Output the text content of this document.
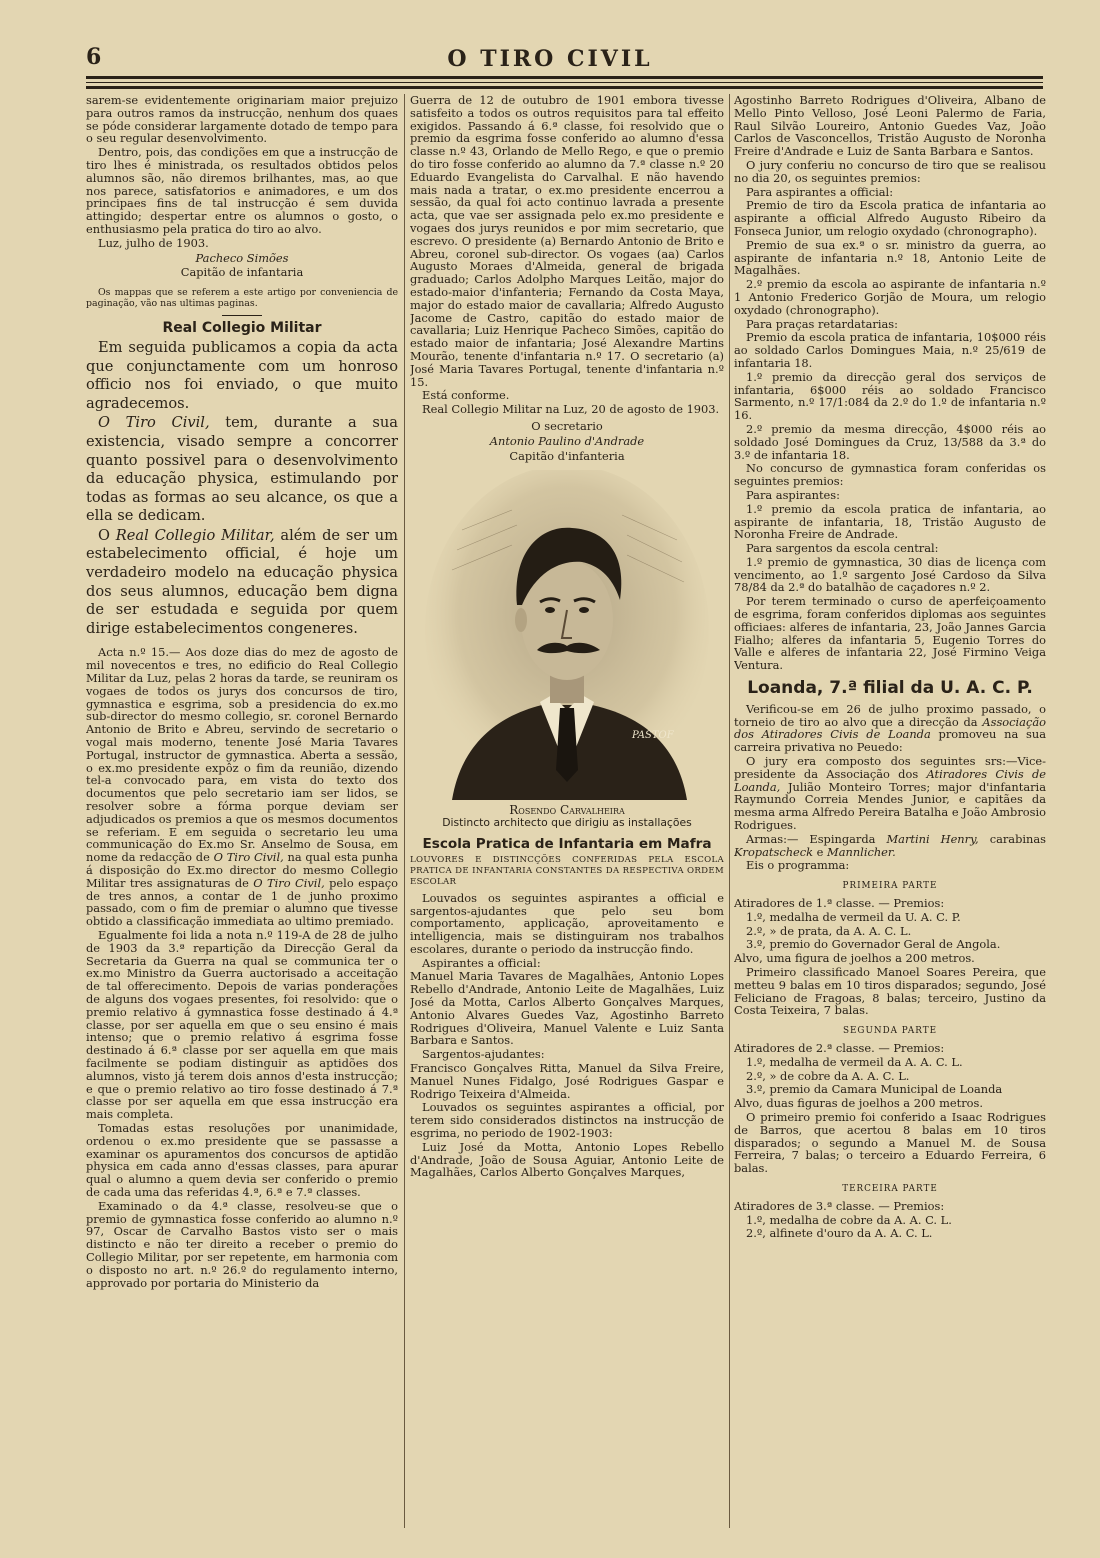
6	O TIRO CIVIL

sarem-se evidentemente originariam maior prejuizo para outros ramos da instrucção, nenhum dos quaes se póde considerar largamente dotado de tempo para o seu regular desenvolvimento.

Dentro, pois, das condições em que a instrucção de tiro lhes é ministrada, os resultados obtidos pelos alumnos são, não diremos brilhantes, mas, ao que nos parece, satisfatorios e animadores, e um dos principaes fins de tal instrucção é sem duvida attingido; despertar entre os alumnos o gosto, o enthusiasmo pela pratica do tiro ao alvo.

Luz, julho de 1903.

Pacheco Simões
Capitão de infantaria

Os mappas que se referem a este artigo por conveniencia de paginação, vão nas ultimas paginas.

Real Collegio Militar

Em seguida publicamos a copia da acta que conjunctamente com um honroso officio nos foi enviado, o que muito agradecemos.

O Tiro Civil, tem, durante a sua existencia, visado sempre a concorrer quanto possivel para o desenvolvimento da educação physica, estimulando por todas as formas ao seu alcance, os que a ella se dedicam.

O Real Collegio Militar, além de ser um estabelecimento official, é hoje um verdadeiro modelo na educação physica dos seus alumnos, educação bem digna de ser estudada e seguida por quem dirige estabelecimentos congeneres.

Acta n.º 15.— Aos doze dias do mez de agosto de mil novecentos e tres, no edificio do Real Collegio Militar da Luz, pelas 2 horas da tarde, se reuniram os vogaes de todos os jurys dos concursos de tiro, gymnastica e esgrima, sob a presidencia do ex.mo sub-director do mesmo collegio, sr. coronel Bernardo Antonio de Brito e Abreu, servindo de secretario o vogal mais moderno, tenente José Maria Tavares Portugal, instructor de gymnastica. Aberta a sessão, o ex.mo presidente expôz o fim da reunião, dizendo tel-a convocado para, em vista do texto dos documentos que pelo secretario iam ser lidos, se resolver sobre a fórma porque deviam ser adjudicados os premios a que os mesmos documentos se referiam. E em seguida o secretario leu uma communicação do Ex.mo Sr. Anselmo de Sousa, em nome da redacção de O Tiro Civil, na qual esta punha á disposição do Ex.mo director do mesmo Collegio Militar tres assignaturas de O Tiro Civil, pelo espaço de tres annos, a contar de 1 de junho proximo passado, com o fim de premiar o alumno que tivesse obtido a classificação immediata ao ultimo premiado.

Egualmente foi lida a nota n.º 119-A de 28 de julho de 1903 da 3.ª repartição da Direcção Geral da Secretaria da Guerra na qual se communica ter o ex.mo Ministro da Guerra auctorisado a acceitação de tal offerecimento. Depois de varias ponderações de alguns dos vogaes presentes, foi resolvido: que o premio relativo á gymnastica fosse destinado á 4.ª classe, por ser aquella em que o seu ensino é mais intenso; que o premio relativo á esgrima fosse destinado á 6.ª classe por ser aquella em que mais facilmente se podiam distinguir as aptidões dos alumnos, visto já terem dois annos d'esta instrucção; e que o premio relativo ao tiro fosse destinado á 7.ª classe por ser aquella em que essa instrucção era mais completa.

Tomadas estas resoluções por unanimidade, ordenou o ex.mo presidente que se passasse a examinar os apuramentos dos concursos de aptidão physica em cada anno d'essas classes, para apurar qual o alumno a quem devia ser conferido o premio de cada uma das referidas 4.ª, 6.ª e 7.ª classes.

Examinado o da 4.ª classe, resolveu-se que o premio de gymnastica fosse conferido ao alumno n.º 97, Oscar de Carvalho Bastos visto ser o mais distincto e não ter direito a receber o premio do Collegio Militar, por ser repetente, em harmonia com o disposto no art. n.º 26.º do regulamento interno, approvado por portaria do Ministerio da

Guerra de 12 de outubro de 1901 embora tivesse satisfeito a todos os outros requisitos para tal effeito exigidos. Passando á 6.ª classe, foi resolvido que o premio da esgrima fosse conferido ao alumno d'essa classe n.º 43, Orlando de Mello Rego, e que o premio do tiro fosse conferido ao alumno da 7.ª classe n.º 20 Eduardo Evangelista do Carvalhal. E não havendo mais nada a tratar, o ex.mo presidente encerrou a sessão, da qual foi acto continuo lavrada a presente acta, que vae ser assignada pelo ex.mo presidente e vogaes dos jurys reunidos e por mim secretario, que escrevo. O presidente (a) Bernardo Antonio de Brito e Abreu, coronel sub-director. Os vogaes (aa) Carlos Augusto Moraes d'Almeida, general de brigada graduado; Carlos Adolpho Marques Leitão, major do estado-maior d'infanteria; Fernando da Costa Maya, major do estado maior de cavallaria; Alfredo Augusto Jacome de Castro, capitão do estado maior de cavallaria; Luiz Henrique Pacheco Simões, capitão do estado maior de infantaria; José Alexandre Martins Mourão, tenente d'infantaria n.º 17. O secretario (a) José Maria Tavares Portugal, tenente d'infantaria n.º 15.

Está conforme.

Real Collegio Militar na Luz, 20 de agosto de 1903.

O secretario
Antonio Paulino d'Andrade
Capitão d'infanteria
PASTOF
Rosendo Carvalheira
Distincto architecto que dirigiu as installações
Escola Pratica de Infantaria em Mafra
LOUVORES E DISTINCÇÕES CONFERIDAS PELA ESCOLA PRATICA DE INFANTARIA CONSTANTES DA RESPECTIVA ORDEM ESCOLAR

Louvados os seguintes aspirantes a official e sargentos-ajudantes que pelo seu bom comportamento, applicação, aproveitamento e intelligencia, mais se distinguiram nos trabalhos escolares, durante o periodo da instrucção findo.

Aspirantes a official:

Manuel Maria Tavares de Magalhães, Antonio Lopes Rebello d'Andrade, Antonio Leite de Magalhães, Luiz José da Motta, Carlos Alberto Gonçalves Marques, Antonio Alvares Guedes Vaz, Agostinho Barreto Rodrigues d'Oliveira, Manuel Valente e Luiz Santa Barbara e Santos.

Sargentos-ajudantes:

Francisco Gonçalves Ritta, Manuel da Silva Freire, Manuel Nunes Fidalgo, José Rodrigues Gaspar e Rodrigo Teixeira d'Almeida.

Louvados os seguintes aspirantes a official, por terem sido considerados distinctos na instrucção de esgrima, no periodo de 1902-1903:

Luiz José da Motta, Antonio Lopes Rebello d'Andrade, João de Sousa Aguiar, Antonio Leite de Magalhães, Carlos Alberto Gonçalves Marques,

Agostinho Barreto Rodrigues d'Oliveira, Albano de Mello Pinto Velloso, José Leoni Palermo de Faria, Raul Silvão Loureiro, Antonio Guedes Vaz, João Carlos de Vasconcellos, Tristão Augusto de Noronha Freire d'Andrade e Luiz de Santa Barbara e Santos.

O jury conferiu no concurso de tiro que se realisou no dia 20, os seguintes premios:

Para aspirantes a official:

Premio de tiro da Escola pratica de infantaria ao aspirante a official Alfredo Augusto Ribeiro da Fonseca Junior, um relogio oxydado (chronographo).

Premio de sua ex.ª o sr. ministro da guerra, ao aspirante de infantaria n.º 18, Antonio Leite de Magalhães.

2.º premio da escola ao aspirante de infantaria n.º 1 Antonio Frederico Gorjão de Moura, um relogio oxydado (chronographo).

Para praças retardatarias:

Premio da escola pratica de infantaria, 10$000 réis ao soldado Carlos Domingues Maia, n.º 25/619 de infantaria 18.

1.º premio da direcção geral dos serviços de infantaria, 6$000 réis ao soldado Francisco Sarmento, n.º 17/1:084 da 2.º do 1.º de infantaria n.º 16.

2.º premio da mesma direcção, 4$000 réis ao soldado José Domingues da Cruz, 13/588 da 3.ª do 3.º de infantaria 18.

No concurso de gymnastica foram conferidas os seguintes premios:

Para aspirantes:

1.º premio da escola pratica de infantaria, ao aspirante de infantaria, 18, Tristão Augusto de Noronha Freire de Andrade.

Para sargentos da escola central:

1.º premio de gymnastica, 30 dias de licença com vencimento, ao 1.º sargento José Cardoso da Silva 78/84 da 2.ª do batalhão de caçadores n.º 2.

Por terem terminado o curso de aperfeiçoamento de esgrima, foram conferidos diplomas aos seguintes officiaes: alferes de infantaria, 23, João Jannes Garcia Fialho; alferes da infantaria 5, Eugenio Torres do Valle e alferes de infantaria 22, José Firmino Veiga Ventura.

Loanda, 7.ª filial da U. A. C. P.

Verificou-se em 26 de julho proximo passado, o torneio de tiro ao alvo que a direcção da Associação dos Atiradores Civis de Loanda promoveu na sua carreira privativa no Peuedo:

O jury era composto dos seguintes srs:—Vice-presidente da Associação dos Atiradores Civis de Loanda, Julião Monteiro Torres; major d'infantaria Raymundo Correia Mendes Junior, e capitães da mesma arma Alfredo Pereira Batalha e João Ambrosio Rodrigues.

Armas:— Espingarda Martini Henry, carabinas Kropatscheck e Mannlicher.

Eis o programma:

PRIMEIRA PARTE

Atiradores de 1.ª classe. — Premios:

1.º, medalha de vermeil da U. A. C. P.

2.º, » de prata, da A. A. C. L.

3.º, premio do Governador Geral de Angola.

Alvo, uma figura de joelhos a 200 metros.

Primeiro classificado Manoel Soares Pereira, que metteu 9 balas em 10 tiros disparados; segundo, José Feliciano de Fragoas, 8 balas; terceiro, Justino da Costa Teixeira, 7 balas.

SEGUNDA PARTE

Atiradores de 2.ª classe. — Premios:

1.º, medalha de vermeil da A. A. C. L.

2.º, » de cobre da A. A. C. L.

3.º, premio da Camara Municipal de Loanda

Alvo, duas figuras de joelhos a 200 metros.

O primeiro premio foi conferido a Isaac Rodrigues de Barros, que acertou 8 balas em 10 tiros disparados; o segundo a Manuel M. de Sousa Ferreira, 7 balas; o terceiro a Eduardo Ferreira, 6 balas.

TERCEIRA PARTE

Atiradores de 3.ª classe. — Premios:

1.º, medalha de cobre da A. A. C. L.

2.º, alfinete d'ouro da A. A. C. L.
